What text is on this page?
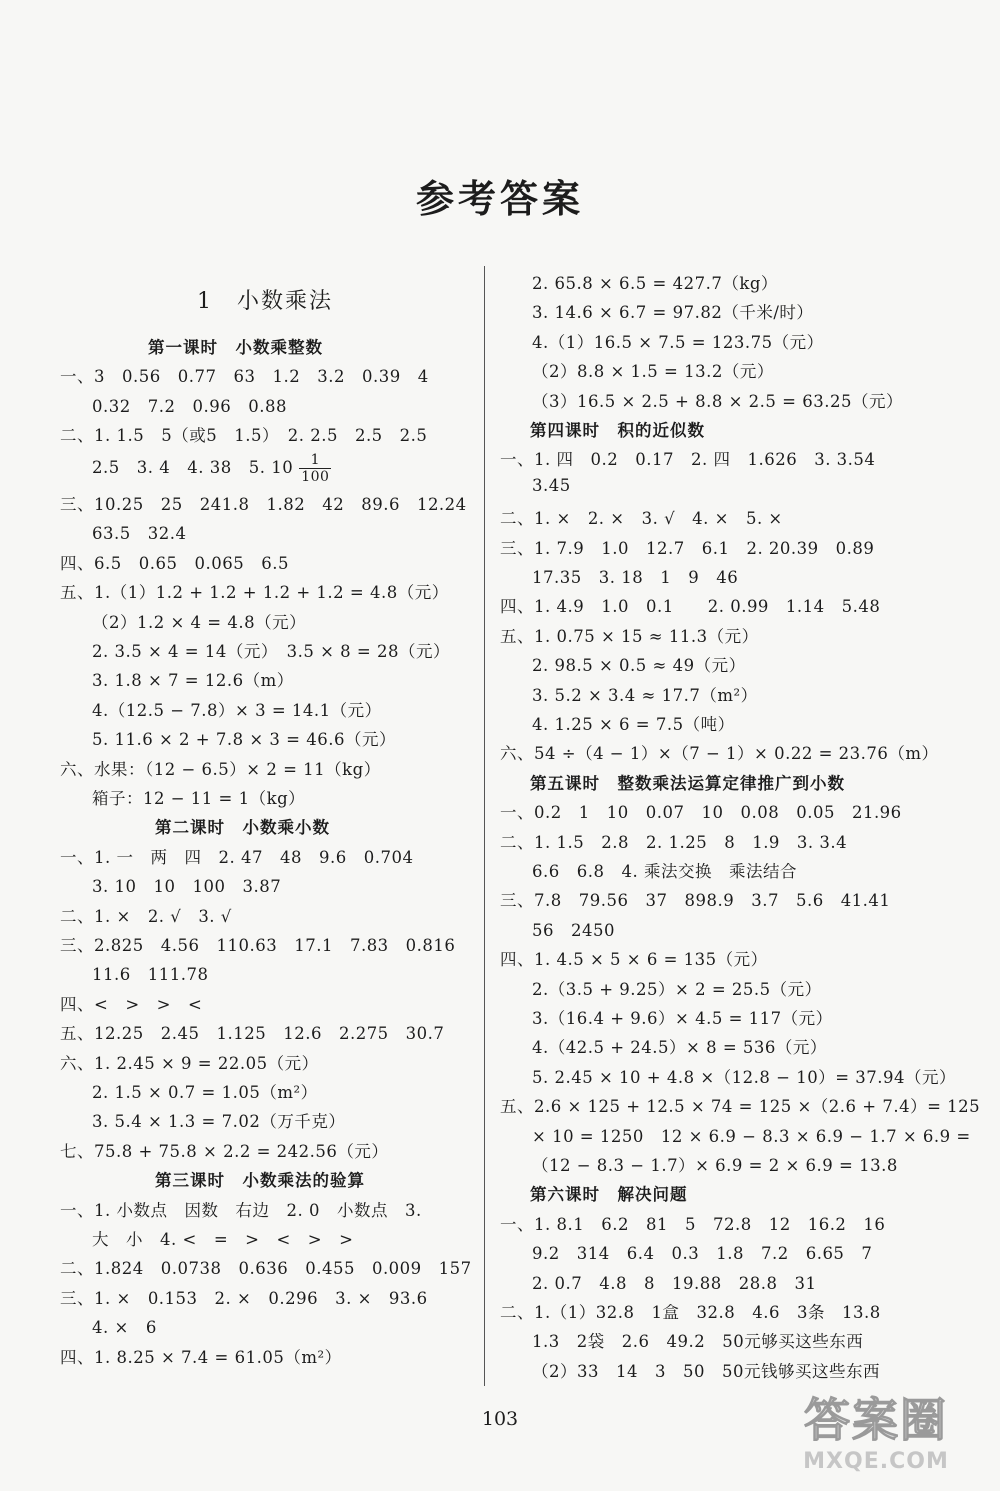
参考答案
1　小数乘法
第一课时　小数乘整数
一、3　0.56　0.77　63　1.2　3.2　0.39　4
0.32　7.2　0.96　0.88
二、1. 1.5　5（或5　1.5）　2. 2.5　2.5　2.5
2.5　3. 4　4. 38　5. $10 \frac{1}{100}$
三、10.25　25　241.8　1.82　42　89.6　12.24
63.5　32.4
四、6.5　0.65　0.065　6.5
五、1.（1）1.2 + 1.2 + 1.2 + 1.2 = 4.8（元）
（2）1.2 × 4 = 4.8（元）
2. 3.5 × 4 = 14（元）　3.5 × 8 = 28（元）
3. 1.8 × 7 = 12.6（m）
4.（12.5 − 7.8）× 3 = 14.1（元）
5. 11.6 × 2 + 7.8 × 3 = 46.6（元）
六、水果：（12 − 6.5）× 2 = 11（kg）
箱子：12 − 11 = 1（kg）
第二课时　小数乘小数
一、1. 一　两　四　2. 47　48　9.6　0.704
3. 10　10　100　3.87
二、1. ×　2. √　3. √
三、2.825　4.56　110.63　17.1　7.83　0.816
11.6　111.78
四、<　>　>　<
五、12.25　2.45　1.125　12.6　2.275　30.7
六、1. 2.45 × 9 = 22.05（元）
2. 1.5 × 0.7 = 1.05（m²）
3. 5.4 × 1.3 = 7.02（万千克）
七、75.8 + 75.8 × 2.2 = 242.56（元）
第三课时　小数乘法的验算
一、1. 小数点　因数　右边　2. 0　小数点　3.
大　小　4. <　=　>　<　>　>
二、1.824　0.0738　0.636　0.455　0.009　157
三、1. ×　0.153　2. ×　0.296　3. ×　93.6
4. ×　6
四、1. 8.25 × 7.4 = 61.05（m²）
2. 65.8 × 6.5 = 427.7（kg）
3. 14.6 × 6.7 = 97.82（千米/时）
4.（1）16.5 × 7.5 = 123.75（元）
（2）8.8 × 1.5 = 13.2（元）
（3）16.5 × 2.5 + 8.8 × 2.5 = 63.25（元）
第四课时　积的近似数
一、1. 四　0.2　0.17　2. 四　1.626　3. 3.54
3.45
二、1. ×　2. ×　3. √　4. ×　5. ×
三、1. 7.9　1.0　12.7　6.1　2. 20.39　0.89
17.35　3. 18　1　9　46
四、1. 4.9　1.0　0.1　　2. 0.99　1.14　5.48
五、1. 0.75 × 15 ≈ 11.3（元）
2. 98.5 × 0.5 ≈ 49（元）
3. 5.2 × 3.4 ≈ 17.7（m²）
4. 1.25 × 6 = 7.5（吨）
六、54 ÷（4 − 1）×（7 − 1）× 0.22 = 23.76（m）
第五课时　整数乘法运算定律推广到小数
一、0.2　1　10　0.07　10　0.08　0.05　21.96
二、1. 1.5　2.8　2. 1.25　8　1.9　3. 3.4
6.6　6.8　4. 乘法交换　乘法结合
三、7.8　79.56　37　898.9　3.7　5.6　41.41
56　2450
四、1. 4.5 × 5 × 6 = 135（元）
2.（3.5 + 9.25）× 2 = 25.5（元）
3.（16.4 + 9.6）× 4.5 = 117（元）
4.（42.5 + 24.5）× 8 = 536（元）
5. 2.45 × 10 + 4.8 ×（12.8 − 10）= 37.94（元）
五、2.6 × 125 + 12.5 × 74 = 125 ×（2.6 + 7.4）= 125
× 10 = 1250　12 × 6.9 − 8.3 × 6.9 − 1.7 × 6.9 =
（12 − 8.3 − 1.7）× 6.9 = 2 × 6.9 = 13.8
第六课时　解决问题
一、1. 8.1　6.2　81　5　72.8　12　16.2　16
9.2　314　6.4　0.3　1.8　7.2　6.65　7
2. 0.7　4.8　8　19.88　28.8　31
二、1.（1）32.8　1盒　32.8　4.6　3条　13.8
1.3　2袋　2.6　49.2　50元够买这些东西
（2）33　14　3　50　50元钱够买这些东西
103	答案圈
MXQE.COM
